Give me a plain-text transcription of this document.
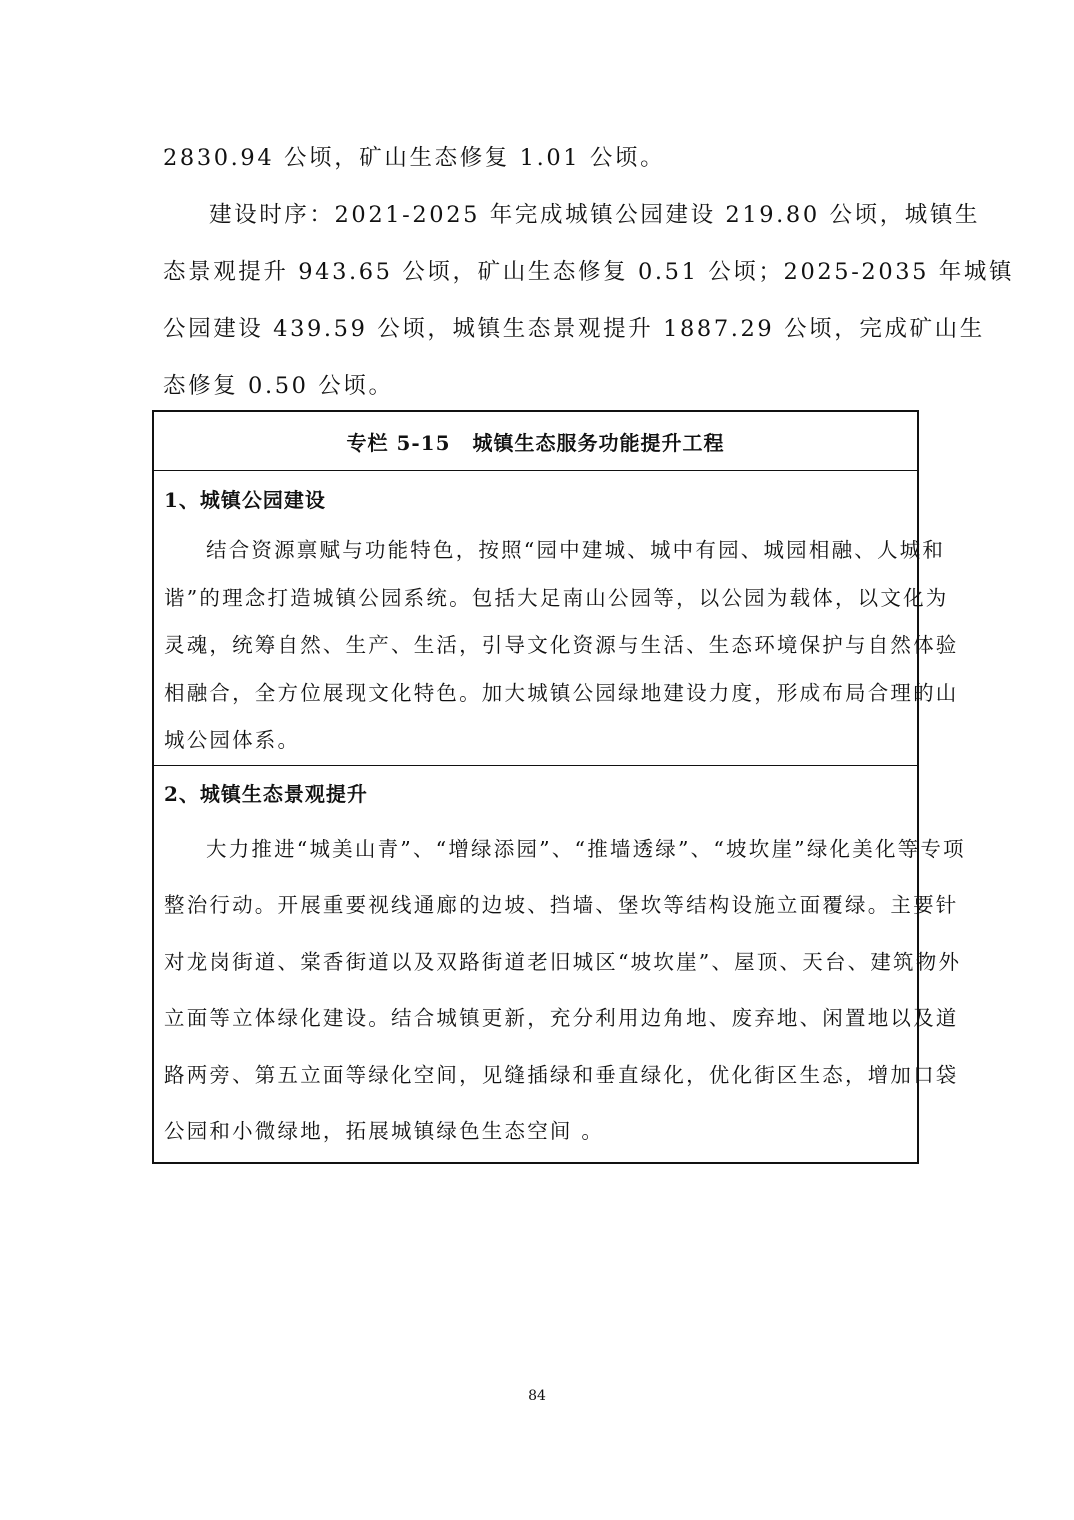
2830.94 公顷，矿山生态修复 1.01 公顷。
建设时序：2021-2025 年完成城镇公园建设 219.80 公顷，城镇生
态景观提升 943.65 公顷，矿山生态修复 0.51 公顷；2025-2035 年城镇
公园建设 439.59 公顷，城镇生态景观提升 1887.29 公顷，完成矿山生
态修复 0.50 公顷。
专栏 5-15 城镇生态服务功能提升工程
1、城镇公园建设
结合资源禀赋与功能特色，按照“园中建城、城中有园、城园相融、人城和
谐”的理念打造城镇公园系统。包括大足南山公园等，以公园为载体，以文化为
灵魂，统筹自然、生产、生活，引导文化资源与生活、生态环境保护与自然体验
相融合，全方位展现文化特色。加大城镇公园绿地建设力度，形成布局合理的山
城公园体系。
2、城镇生态景观提升
大力推进“城美山青”、“增绿添园”、“推墙透绿”、“坡坎崖”绿化美化等专项
整治行动。开展重要视线通廊的边坡、挡墙、堡坎等结构设施立面覆绿。主要针
对龙岗街道、棠香街道以及双路街道老旧城区“坡坎崖”、屋顶、天台、建筑物外
立面等立体绿化建设。结合城镇更新，充分利用边角地、废弃地、闲置地以及道
路两旁、第五立面等绿化空间，见缝插绿和垂直绿化，优化街区生态，增加口袋
公园和小微绿地，拓展城镇绿色生态空间 。
84
